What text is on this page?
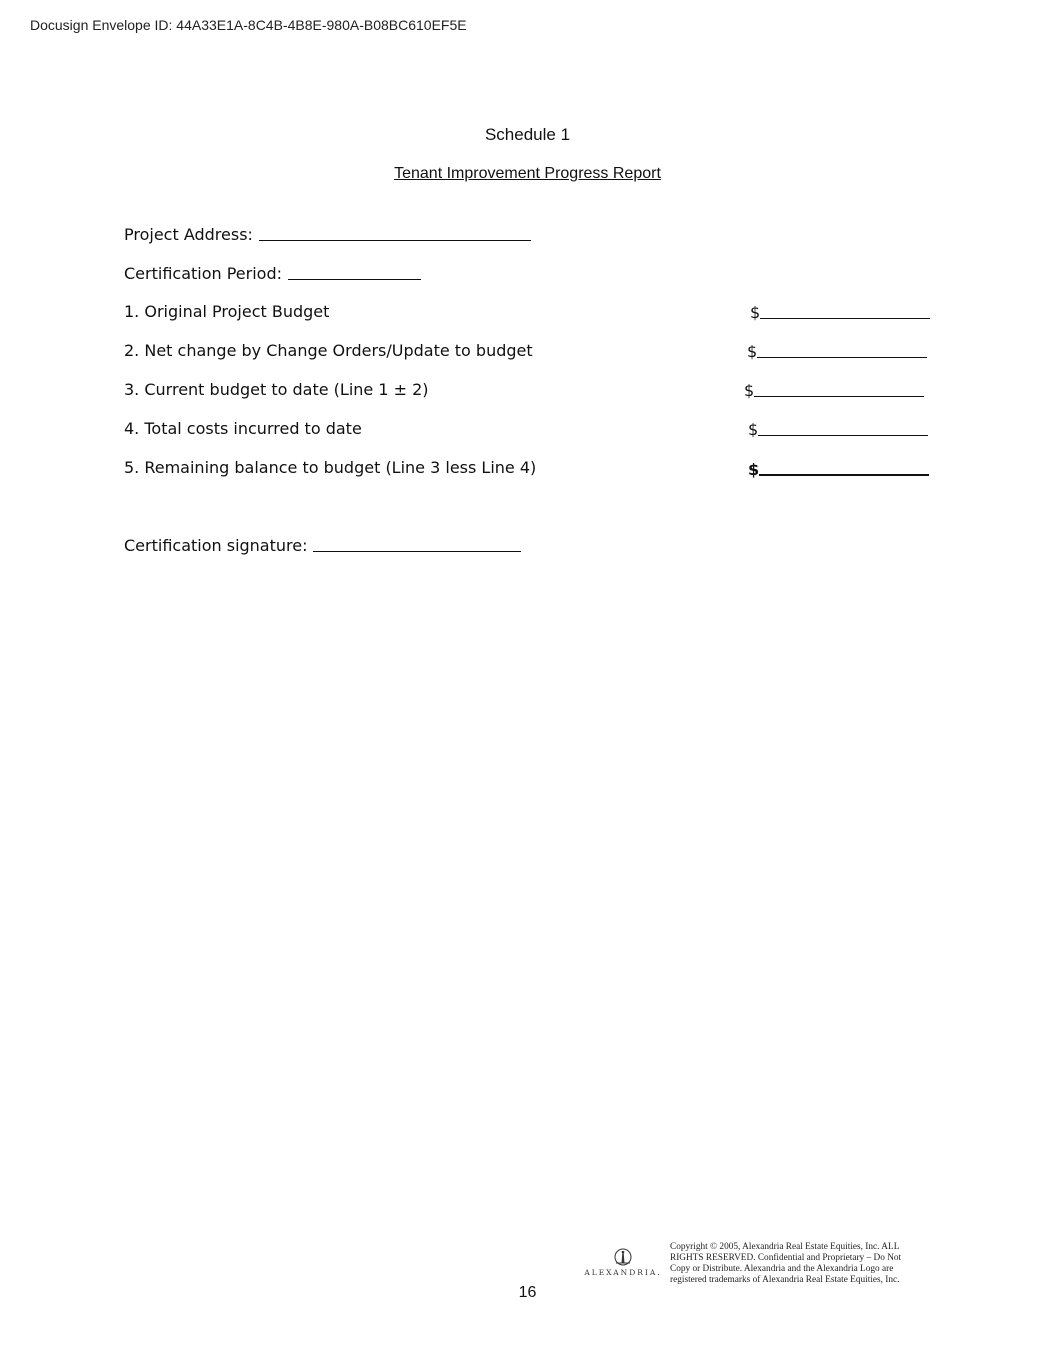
Docusign Envelope ID: 44A33E1A-8C4B-4B8E-980A-B08BC610EF5E
Schedule 1
Tenant Improvement Progress Report
Project Address:
Certification Period:
1. Original Project Budget	$
2. Net change by Change Orders/Update to budget	$
3. Current budget to date (Line 1 ± 2)	$
4. Total costs incurred to date	$
5. Remaining balance to budget (Line 3 less Line 4)	$
Certification signature:
ALEXANDRIA.
Copyright © 2005, Alexandria Real Estate Equities, Inc. ALL RIGHTS RESERVED. Confidential and Proprietary – Do Not Copy or Distribute. Alexandria and the Alexandria Logo are registered trademarks of Alexandria Real Estate Equities, Inc.
16
